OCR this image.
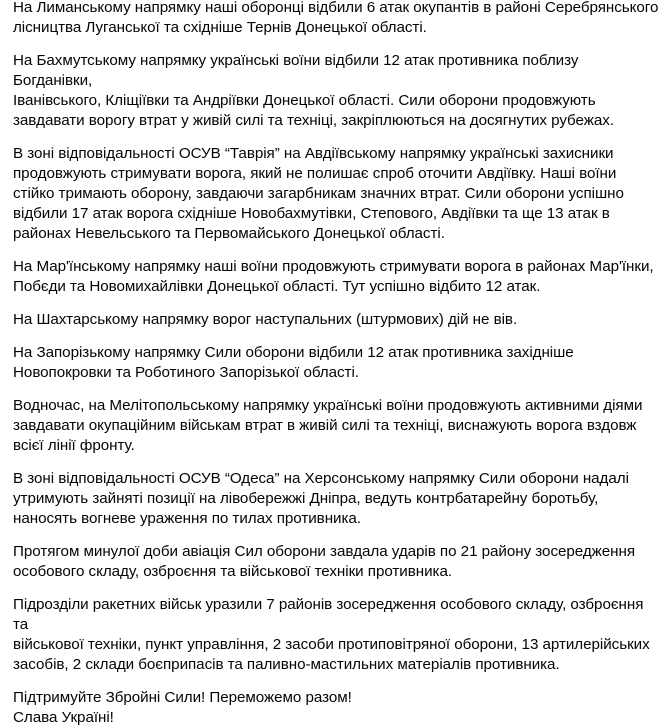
На Лиманському напрямку наші оборонці відбили 6 атак окупантів в районі Серебрянського
лісництва Луганської та східніше Тернів Донецької області.

На Бахмутському напрямку українські воїни відбили 12 атак противника поблизу Богданівки,
Іванівського, Кліщіївки та Андріївки Донецької області. Сили оборони продовжують
завдавати ворогу втрат у живій силі та техніці, закріплюються на досягнутих рубежах.

В зоні відповідальності ОСУВ “Таврія” на Авдіївському напрямку українські захисники
продовжують стримувати ворога, який не полишає спроб оточити Авдіївку. Наші воїни
стійко тримають оборону, завдаючи загарбникам значних втрат. Сили оборони успішно
відбили 17 атак ворога східніше Новобахмутівки, Степового, Авдіївки та ще 13 атак в
районах Невельського та Первомайського Донецької області.

На Мар'їнському напрямку наші воїни продовжують стримувати ворога в районах Мар'їнки,
Побєди та Новомихайлівки Донецької області. Тут успішно відбито 12 атак.

На Шахтарському напрямку ворог наступальних (штурмових) дій не вів.

На Запорізькому напрямку Сили оборони відбили 12 атак противника західніше
Новопокровки та Роботиного Запорізької області.

Водночас, на Мелітопольському напрямку українські воїни продовжують активними діями
завдавати окупаційним військам втрат в живій силі та техніці, виснажують ворога вздовж
всієї лінії фронту.

В зоні відповідальності ОСУВ “Одеса” на Херсонському напрямку Сили оборони надалі
утримують зайняті позиції на лівобережжі Дніпра, ведуть контрбатарейну боротьбу,
наносять вогневе ураження по тилах противника.

Протягом минулої доби авіація Сил оборони завдала ударів по 21 району зосередження
особового складу, озброєння та військової техніки противника.

Підрозділи ракетних військ уразили 7 районів зосередження особового складу, озброєння та
військової техніки, пункт управління, 2 засоби протиповітряної оборони, 13 артилерійських
засобів, 2 склади боєприпасів та паливно-мастильних матеріалів противника.

Підтримуйте Збройні Сили! Переможемо разом!
Слава Україні!
